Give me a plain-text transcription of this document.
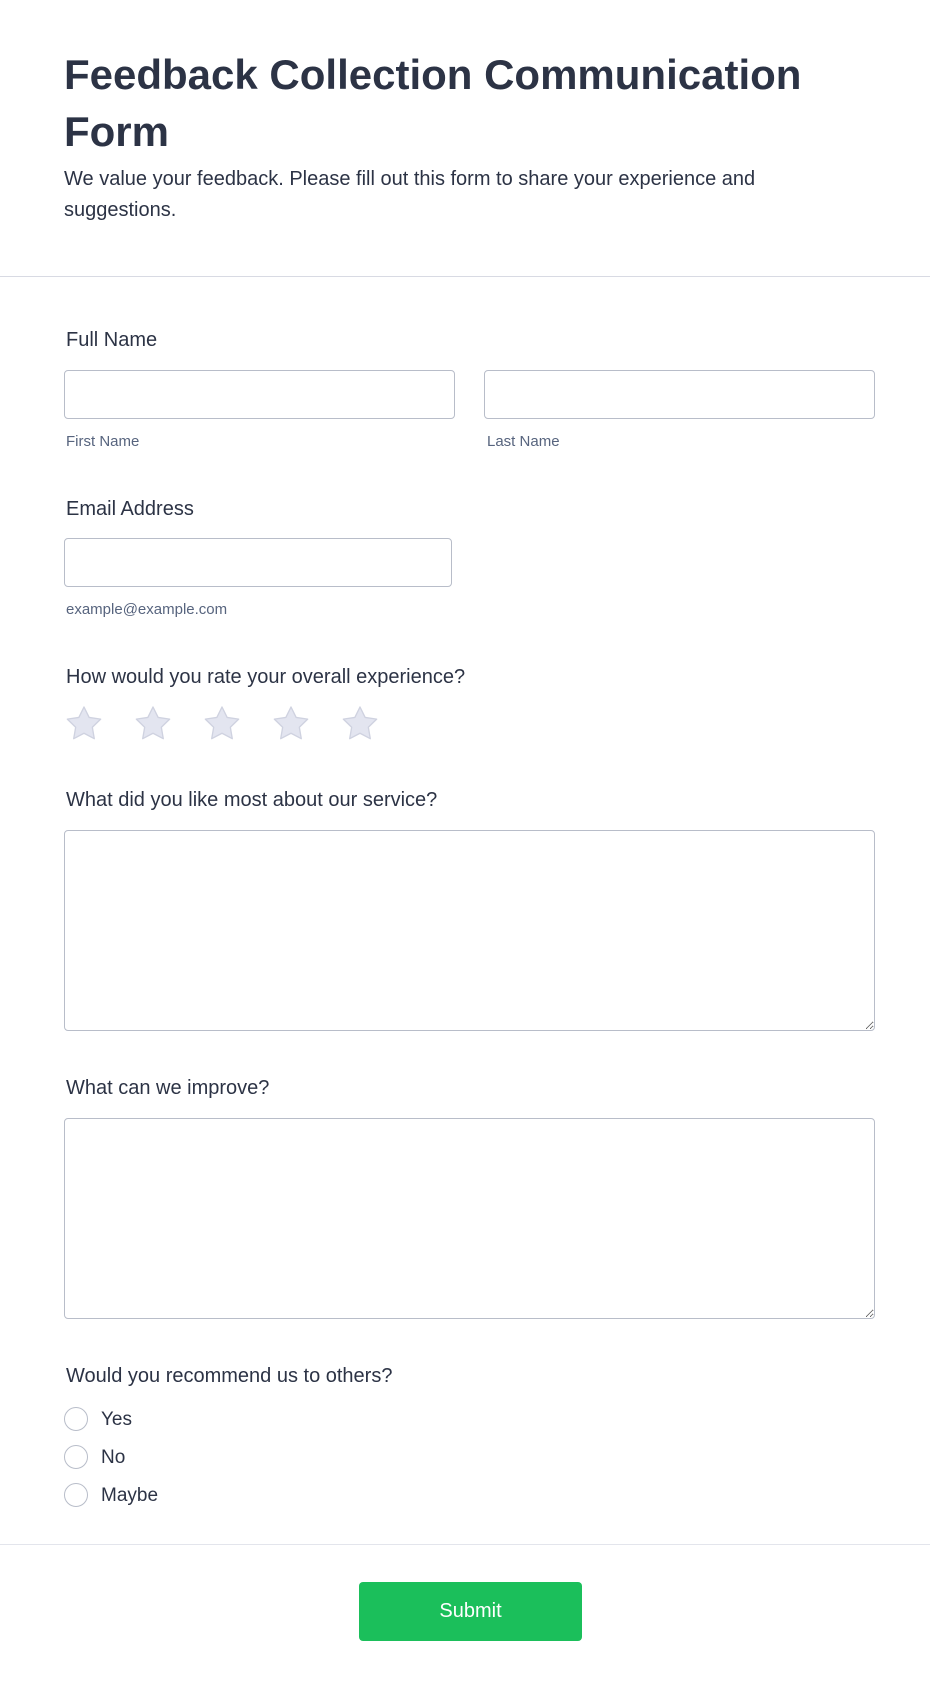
Feedback Collection Communication Form

We value your feedback. Please fill out this form to share your experience and suggestions.

Full Name
First Name	Last Name
Email Address
example@example.com
How would you rate your overall experience?
What did you like most about our service?
What can we improve?
Would you recommend us to others?
Yes
No
Maybe
Submit
